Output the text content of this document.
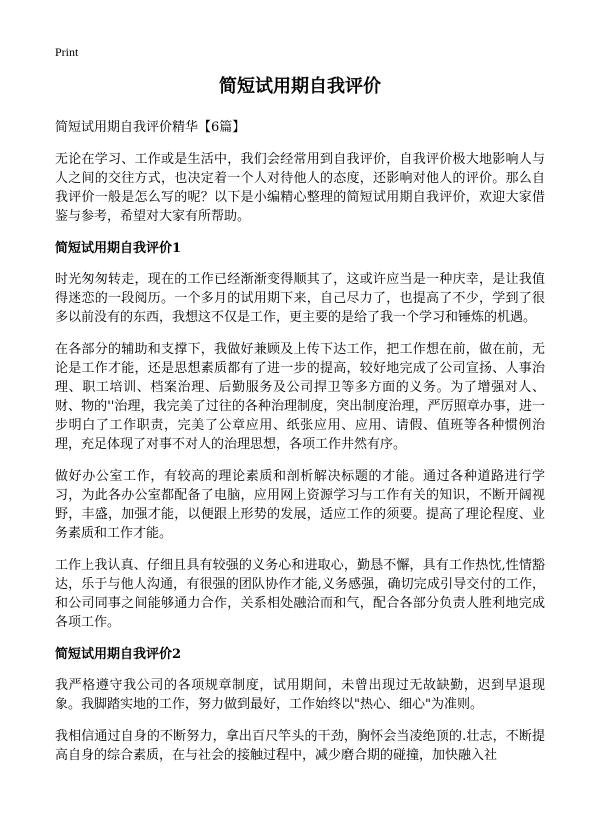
Print
简短试用期自我评价

简短试用期自我评价精华【6篇】

无论在学习、工作或是生活中，我们会经常用到自我评价，自我评价极大地影响人与人之间的交往方式，也决定着一个人对待他人的态度，还影响对他人的评价。那么自我评价一般是怎么写的呢？以下是小编精心整理的简短试用期自我评价，欢迎大家借鉴与参考，希望对大家有所帮助。

简短试用期自我评价1

时光匆匆转走，现在的工作已经渐渐变得顺其了，这或许应当是一种庆幸，是让我值得迷恋的一段阅历。一个多月的试用期下来，自己尽力了，也提高了不少，学到了很多以前没有的东西，我想这不仅是工作，更主要的是给了我一个学习和锤炼的机遇。

在各部分的辅助和支撑下，我做好兼顾及上传下达工作，把工作想在前，做在前，无论是工作才能，还是思想素质都有了进一步的提高，较好地完成了公司宣扬、人事治理、职工培训、档案治理、后勤服务及公司捍卫等多方面的义务。为了增强对人、财、物的''治理，我完美了过往的各种治理制度，突出制度治理，严厉照章办事，进一步明白了工作职责，完美了公章应用、纸张应用、应用、请假、值班等各种惯例治理，充足体现了对事不对人的治理思想，各项工作井然有序。

做好办公室工作，有较高的理论素质和剖析解决标题的才能。通过各种道路进行学习，为此各办公室都配备了电脑，应用网上资源学习与工作有关的知识，不断开阔视野，丰盛，加强才能，以便跟上形势的发展，适应工作的须要。提高了理论程度、业务素质和工作才能。

工作上我认真、仔细且具有较强的义务心和进取心，勤恳不懈，具有工作热忱,性情豁达，乐于与他人沟通，有很强的团队协作才能,义务感强，确切完成引导交付的工作，和公司同事之间能够通力合作，关系相处融洽而和气，配合各部分负责人胜利地完成各项工作。

简短试用期自我评价2

我严格遵守我公司的各项规章制度，试用期间，未曾出现过无故缺勤，迟到早退现象。我脚踏实地的工作，努力做到最好，工作始终以"热心、细心"为准则。

我相信通过自身的不断努力，拿出百尺竿头的干劲，胸怀会当凌绝顶的.壮志，不断提高自身的综合素质，在与社会的接触过程中，减少磨合期的碰撞，加快融入社
